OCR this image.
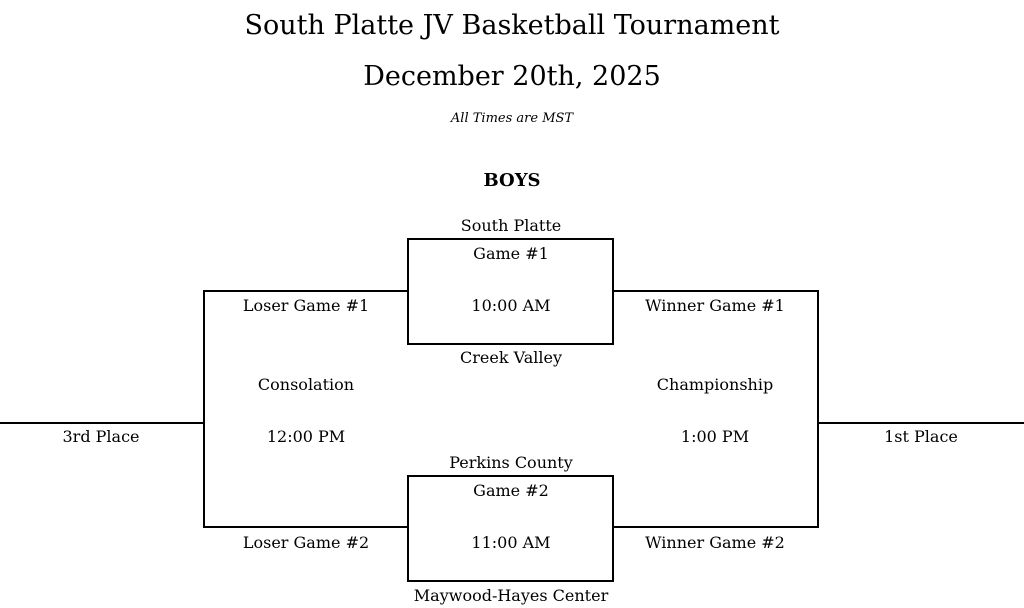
South Platte JV Basketball Tournament
December 20th, 2025
All Times are MST
BOYS
South Platte
Game #1
10:00 AM
Creek Valley
Perkins County
Game #2
11:00 AM
Maywood-Hayes Center
Loser Game #1
Consolation
12:00 PM
Loser Game #2
3rd Place
Winner Game #1
Championship
1:00 PM
Winner Game #2
1st Place
